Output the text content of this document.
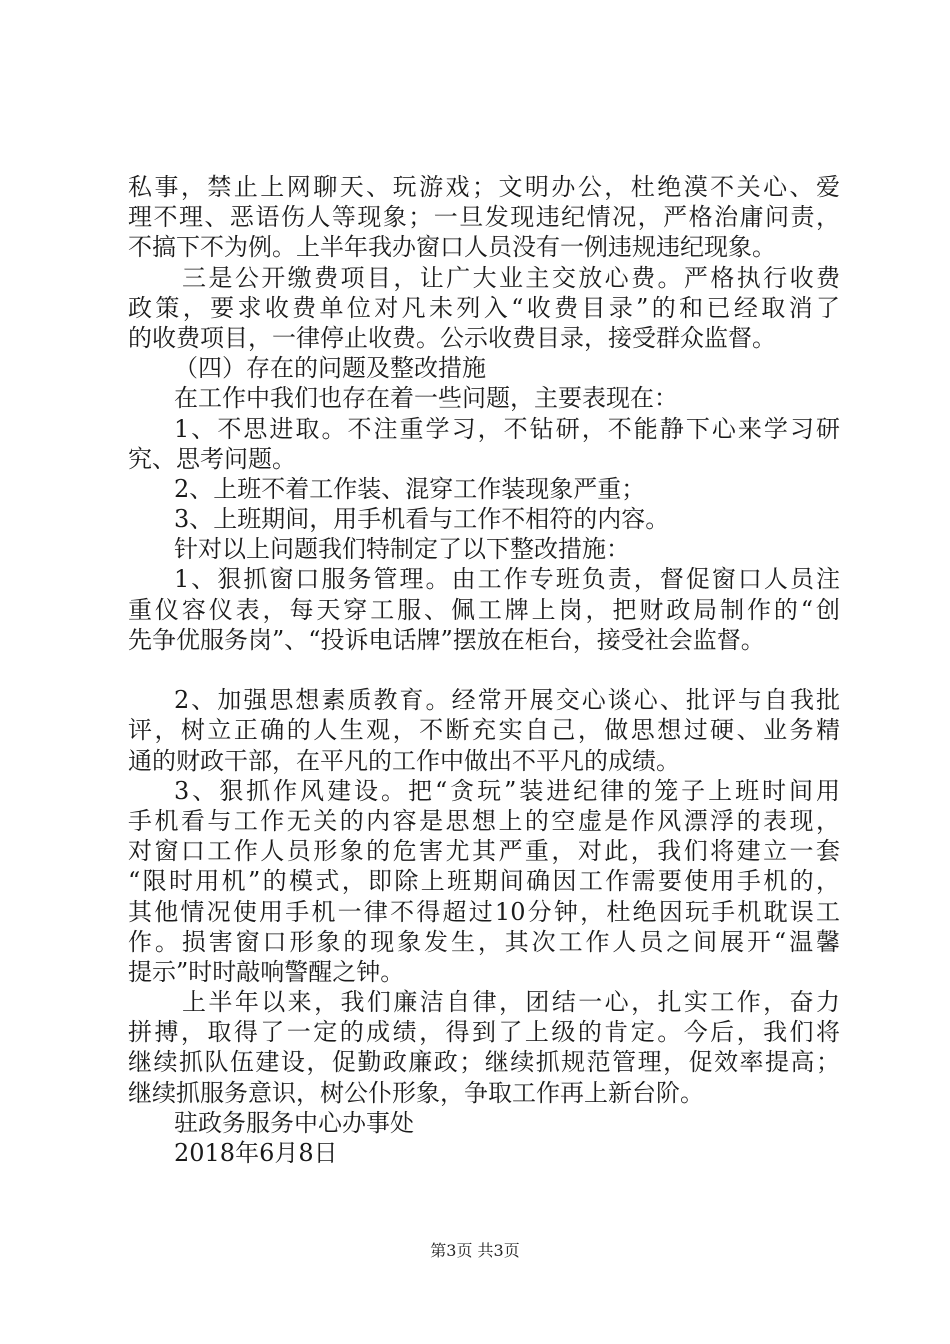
私事，禁止上网聊天、玩游戏；文明办公，杜绝漠不关心、爱
理不理、恶语伤人等现象；一旦发现违纪情况，严格治庸问责，
不搞下不为例。上半年我办窗口人员没有一例违规违纪现象。
三是公开缴费项目，让广大业主交放心费。严格执行收费
政策，要求收费单位对凡未列入“收费目录”的和已经取消了
的收费项目，一律停止收费。公示收费目录，接受群众监督。
（四）存在的问题及整改措施
在工作中我们也存在着一些问题，主要表现在：
1、不思进取。不注重学习，不钻研，不能静下心来学习研
究、思考问题。
2、上班不着工作装、混穿工作装现象严重；
3、上班期间，用手机看与工作不相符的内容。
针对以上问题我们特制定了以下整改措施：
1、狠抓窗口服务管理。由工作专班负责，督促窗口人员注
重仪容仪表，每天穿工服、佩工牌上岗，把财政局制作的“创
先争优服务岗”、“投诉电话牌”摆放在柜台，接受社会监督。
2、加强思想素质教育。经常开展交心谈心、批评与自我批
评，树立正确的人生观，不断充实自己，做思想过硬、业务精
通的财政干部，在平凡的工作中做出不平凡的成绩。
3、狠抓作风建设。把“贪玩”装进纪律的笼子上班时间用
手机看与工作无关的内容是思想上的空虚是作风漂浮的表现，
对窗口工作人员形象的危害尤其严重，对此，我们将建立一套
“限时用机”的模式，即除上班期间确因工作需要使用手机的，
其他情况使用手机一律不得超过10分钟，杜绝因玩手机耽误工
作。损害窗口形象的现象发生，其次工作人员之间展开“温馨
提示”时时敲响警醒之钟。
上半年以来，我们廉洁自律，团结一心，扎实工作，奋力
拼搏，取得了一定的成绩，得到了上级的肯定。今后，我们将
继续抓队伍建设，促勤政廉政；继续抓规范管理，促效率提高；
继续抓服务意识，树公仆形象，争取工作再上新台阶。
驻政务服务中心办事处
2018年6月8日
第3页 共3页
